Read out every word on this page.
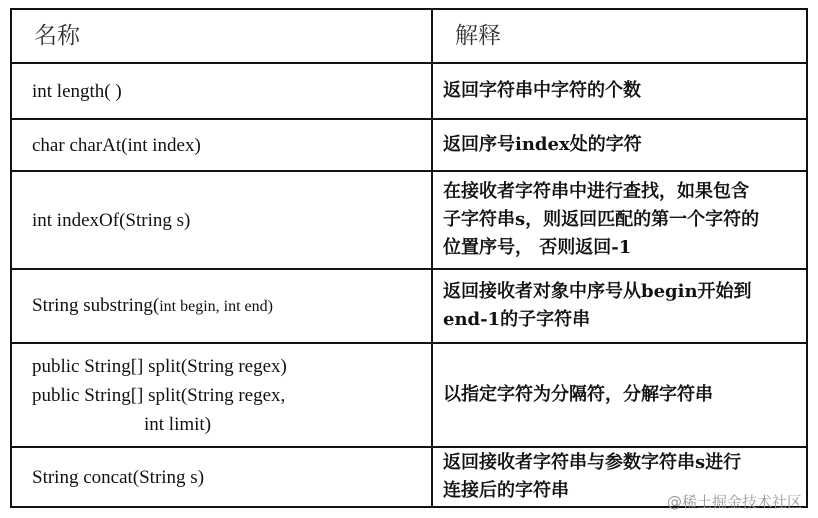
名称	解释
int length( )	返回字符串中字符的个数

char charAt(int index)	返回序号index处的字符

int indexOf(String s)	在接收者字符串中进行查找，如果包含
子字符串s，则返回匹配的第一个字符的
位置序号， 否则返回-1

String substring(int begin, int end)	返回接收者对象中序号从begin开始到
end-1的子字符串

public String[] split(String regex)
public String[] split(String regex,
int limit)	以指定字符为分隔符，分解字符串

String concat(String s)	返回接收者字符串与参数字符串s进行
连接后的字符串
@稀土掘金技术社区
